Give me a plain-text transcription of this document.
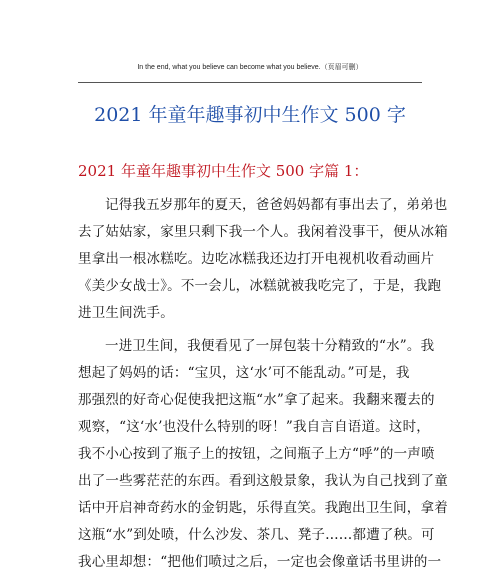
In the end, what you believe can become what you believe.（页眉可删）
2021 年童年趣事初中生作文 500 字
2021 年童年趣事初中生作文 500 字篇 1：
记得我五岁那年的夏天，爸爸妈妈都有事出去了，弟弟也
去了姑姑家，家里只剩下我一个人。我闲着没事干，便从冰箱
里拿出一根冰糕吃。边吃冰糕我还边打开电视机收看动画片
《美少女战士》。不一会儿，冰糕就被我吃完了，于是，我跑
进卫生间洗手。
一进卫生间，我便看见了一屏包装十分精致的“水”。我
想起了妈妈的话：“宝贝，这‘水’可不能乱动。”可是，我
那强烈的好奇心促使我把这瓶“水”拿了起来。我翻来覆去的
观察，“这‘水’也没什么特别的呀！”我自言自语道。这时，
我不小心按到了瓶子上的按钮，之间瓶子上方“呼”的一声喷
出了一些雾茫茫的东西。看到这般景象，我认为自己找到了童
话中开启神奇药水的金钥匙，乐得直笑。我跑出卫生间，拿着
这瓶“水”到处喷，什么沙发、茶几、凳子……都遭了秧。可
我心里却想：“把他们喷过之后，一定也会像童话书里讲的一
